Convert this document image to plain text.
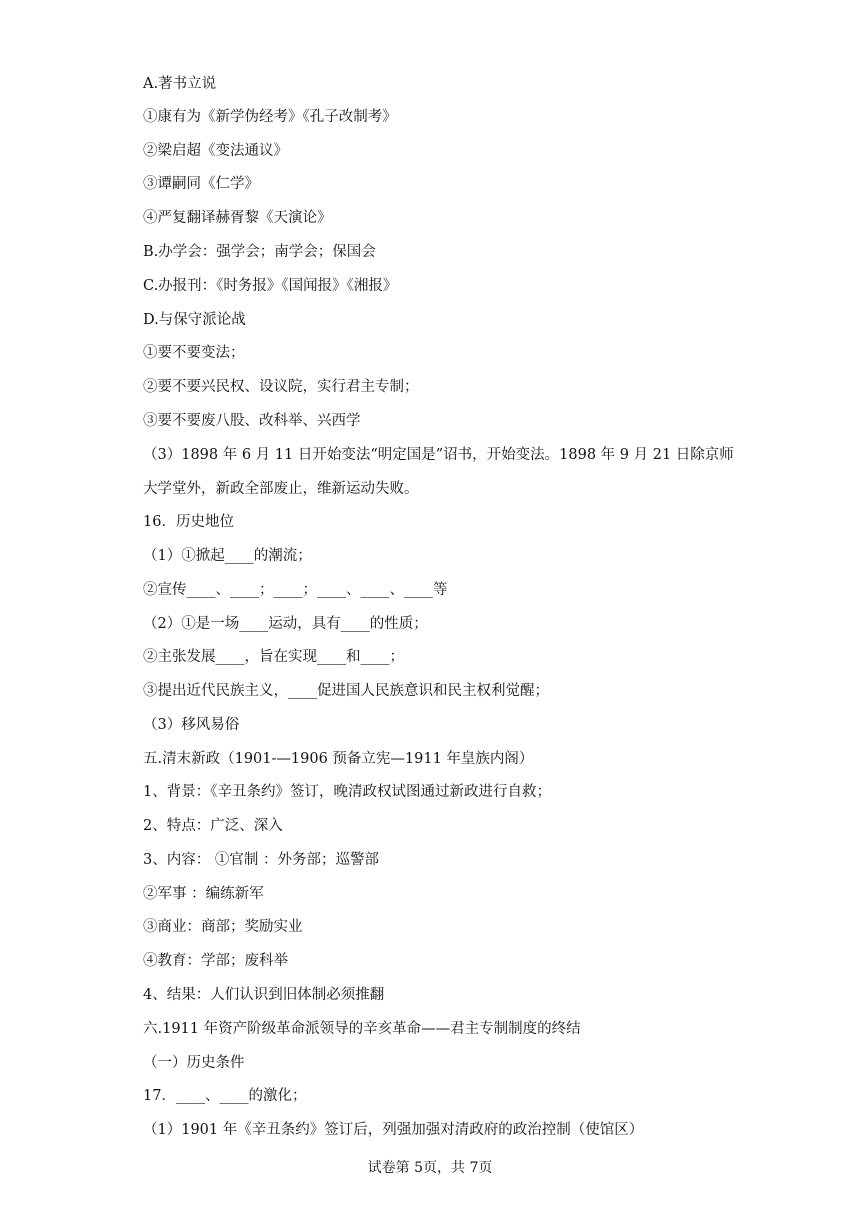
A.著书立说
①康有为《新学伪经考》《孔子改制考》
②梁启超《变法通议》
③谭嗣同《仁学》
④严复翻译赫胥黎《天演论》
B.办学会：强学会；南学会；保国会
C.办报刊：《时务报》《国闻报》《湘报》
D.与保守派论战
①要不要变法；
②要不要兴民权、设议院，实行君主专制；
③要不要废八股、改科举、兴西学
（3）1898 年 6 月 11 日开始变法“明定国是”诏书，开始变法。1898 年 9 月 21 日除京师
大学堂外，新政全部废止，维新运动失败。
16．历史地位
（1）①掀起____的潮流；
②宣传____、____；____；____、____、____等
（2）①是一场____运动，具有____的性质；
②主张发展____，旨在实现____和____；
③提出近代民族主义，____促进国人民族意识和民主权利觉醒；
（3）移风易俗
五.清末新政（1901-—1906 预备立宪—1911 年皇族内阁）
1、背景：《辛丑条约》签订，晚清政权试图通过新政进行自救；
2、特点：广泛、深入
3、内容： ①官制 ：外务部；巡警部
②军事 ：编练新军
③商业：商部；奖励实业
④教育：学部；废科举
4、结果：人们认识到旧体制必须推翻
六.1911 年资产阶级革命派领导的辛亥革命——君主专制制度的终结
（一）历史条件
17．____、____的激化；
（1）1901 年《辛丑条约》签订后，列强加强对清政府的政治控制（使馆区）
试卷第 5页，共 7页
